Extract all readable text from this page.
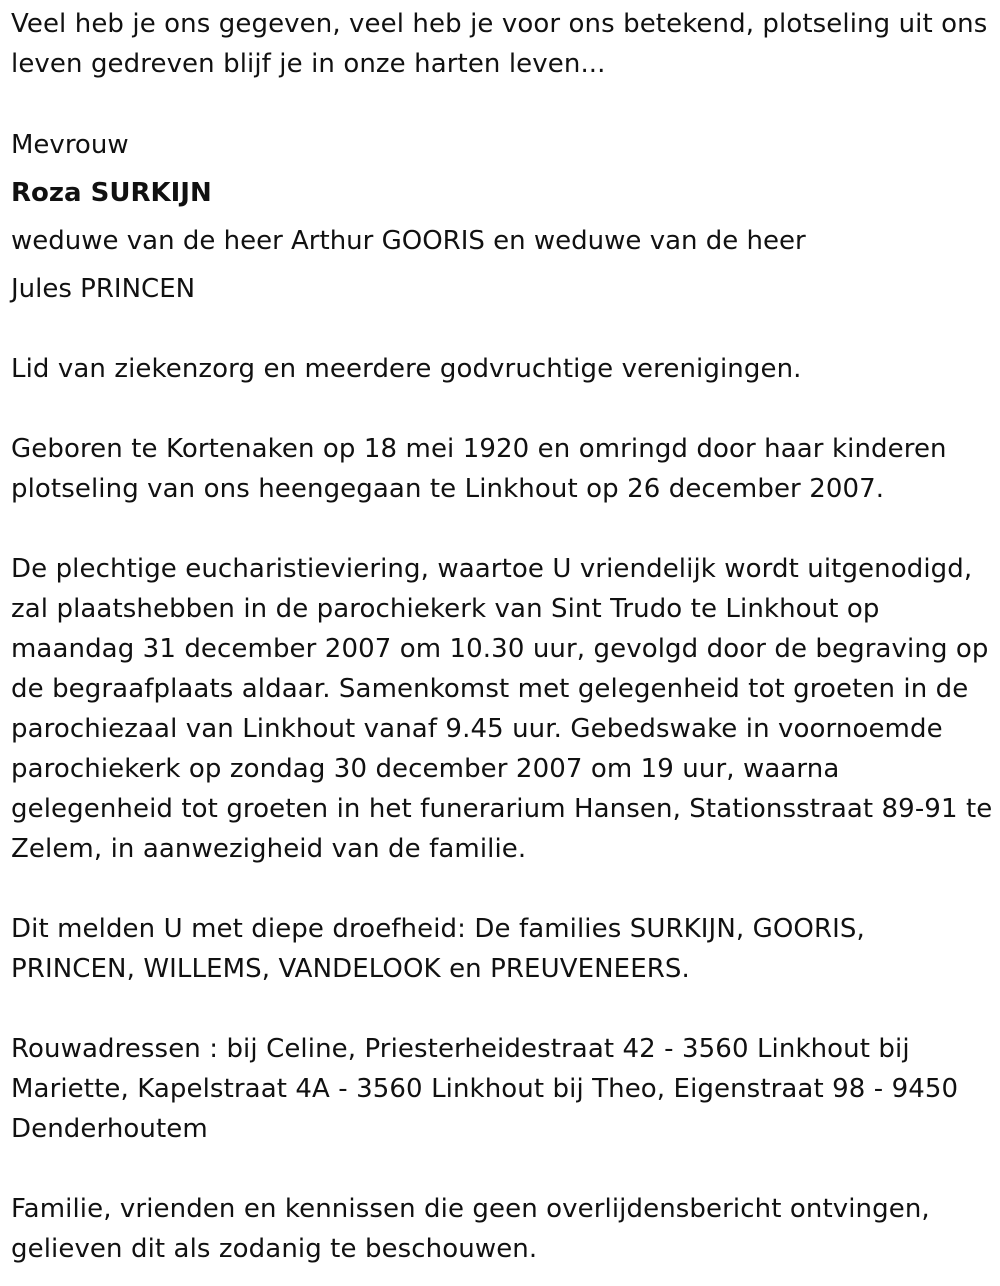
Veel heb je ons gegeven, veel heb je voor ons betekend, plotseling uit ons leven gedreven blijf je in onze harten leven...

Mevrouw

Roza SURKIJN

weduwe van de heer Arthur GOORIS en weduwe van de heer

Jules PRINCEN

Lid van ziekenzorg en meerdere godvruchtige verenigingen.

Geboren te Kortenaken op 18 mei 1920 en omringd door haar kinderen plotseling van ons heengegaan te Linkhout op 26 december 2007.

De plechtige eucharistieviering, waartoe U vriendelijk wordt uitgenodigd, zal plaatshebben in de parochiekerk van Sint Trudo te Linkhout op maandag 31 december 2007 om 10.30 uur, gevolgd door de begraving op de begraafplaats aldaar. Samenkomst met gelegenheid tot groeten in de parochiezaal van Linkhout vanaf 9.45 uur. Gebedswake in voornoemde parochiekerk op zondag 30 december 2007 om 19 uur, waarna gelegenheid tot groeten in het funerarium Hansen, Stationsstraat 89-91 te Zelem, in aanwezigheid van de familie.

Dit melden U met diepe droefheid: De families SURKIJN, GOORIS, PRINCEN, WILLEMS, VANDELOOK en PREUVENEERS.

Rouwadressen : bij Celine, Priesterheidestraat 42 - 3560 Linkhout bij Mariette, Kapelstraat 4A - 3560 Linkhout bij Theo, Eigenstraat 98 - 9450 Denderhoutem

Familie, vrienden en kennissen die geen overlijdensbericht ontvingen, gelieven dit als zodanig te beschouwen.
